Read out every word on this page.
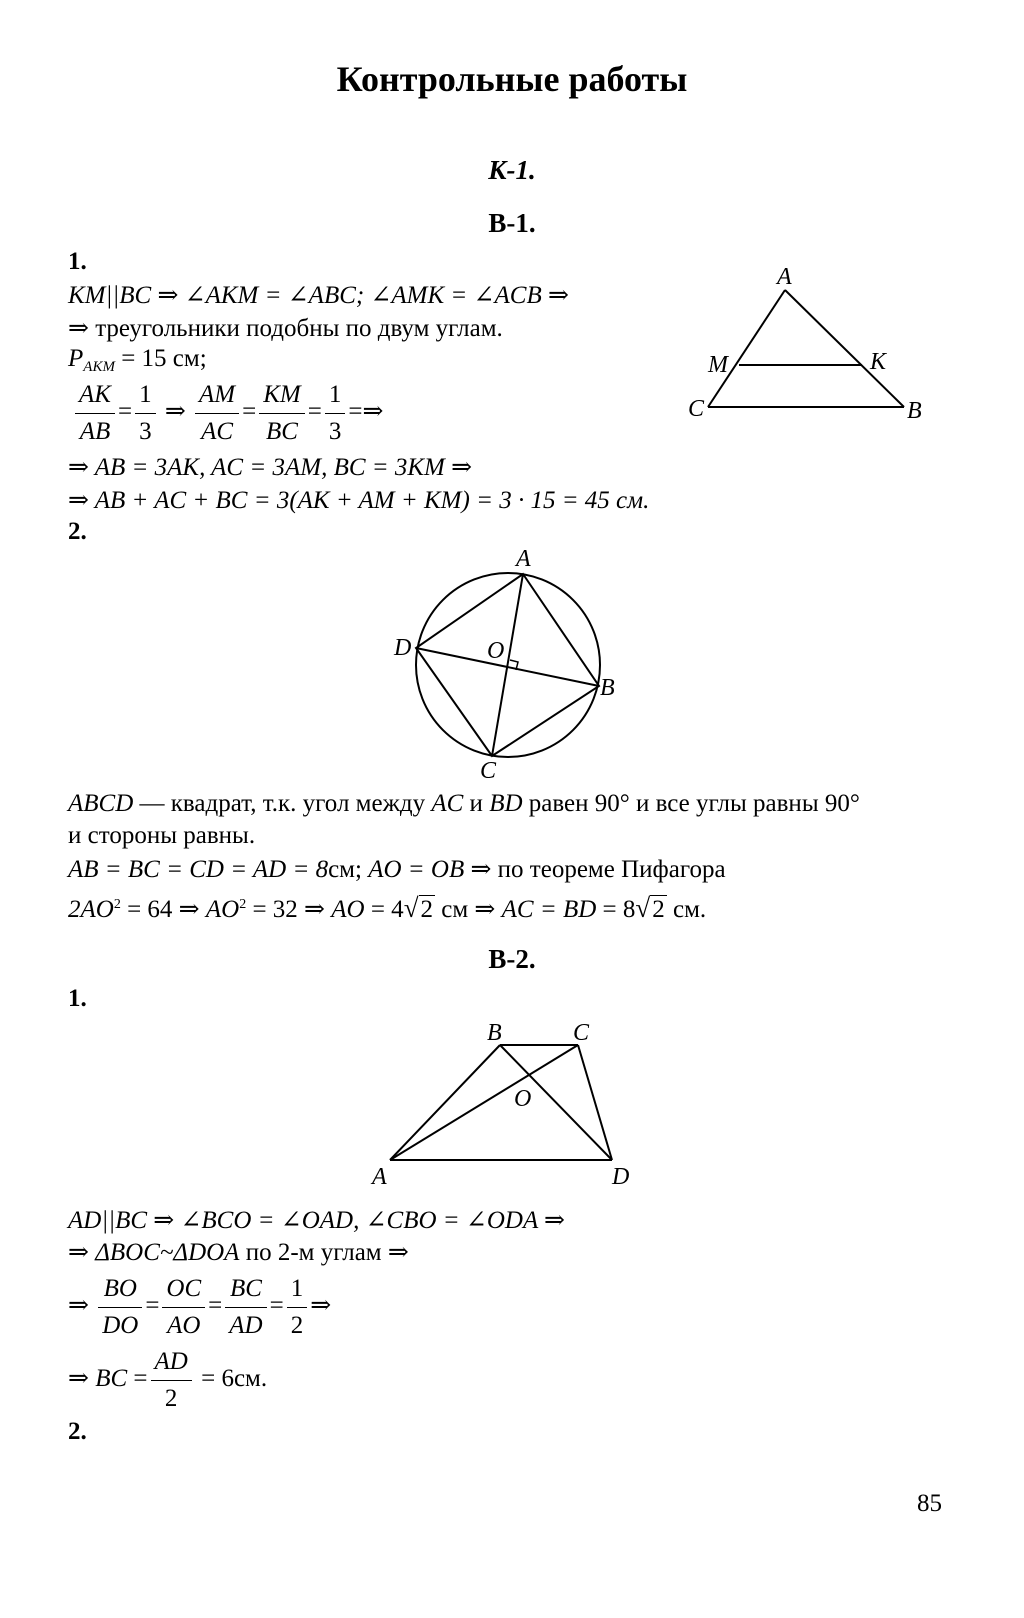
Контрольные работы
К-1.
В-1.
1.
KM||BC ⇒ ∠AKM = ∠ABC; ∠AMK = ∠ACB ⇒
⇒ треугольники подобны по двум углам.
$P_{AKM} = 15$ см;
$\frac{AK}{AB} = \frac{1}{3}$ ⇒ $\frac{AM}{AC} = \frac{KM}{BC} = \frac{1}{3}$ =⇒
⇒ AB = 3AK, AC = 3AM, BC = 3KM ⇒
⇒ AB + AC + BC = 3(AK + AM + KM) = 3 · 15 = 45 см.
A
M	K
C	B
2.
A
D	O
B
C
ABCD — квадрат, т.к. угол между AC и BD равен 90° и все углы равны 90°
и стороны равны.
AB = BC = CD = AD = 8см; AO = OB ⇒ по теореме Пифагора
$2AO^2 = 64$ ⇒ $AO^2 = 32$ ⇒ AO = 4√2 см ⇒ AC = BD = 8√2 см.
В-2.
1.
B	C
O
A	D
AD||BC ⇒ ∠BCO = ∠OAD, ∠CBO = ∠ODA ⇒
⇒ ΔBOC~ΔDOA по 2-м углам ⇒
⇒ $\frac{BO}{DO} = \frac{OC}{AO} = \frac{BC}{AD} = \frac{1}{2}$ ⇒
⇒ BC = $\frac{AD}{2} = 6см$.
2.
85
